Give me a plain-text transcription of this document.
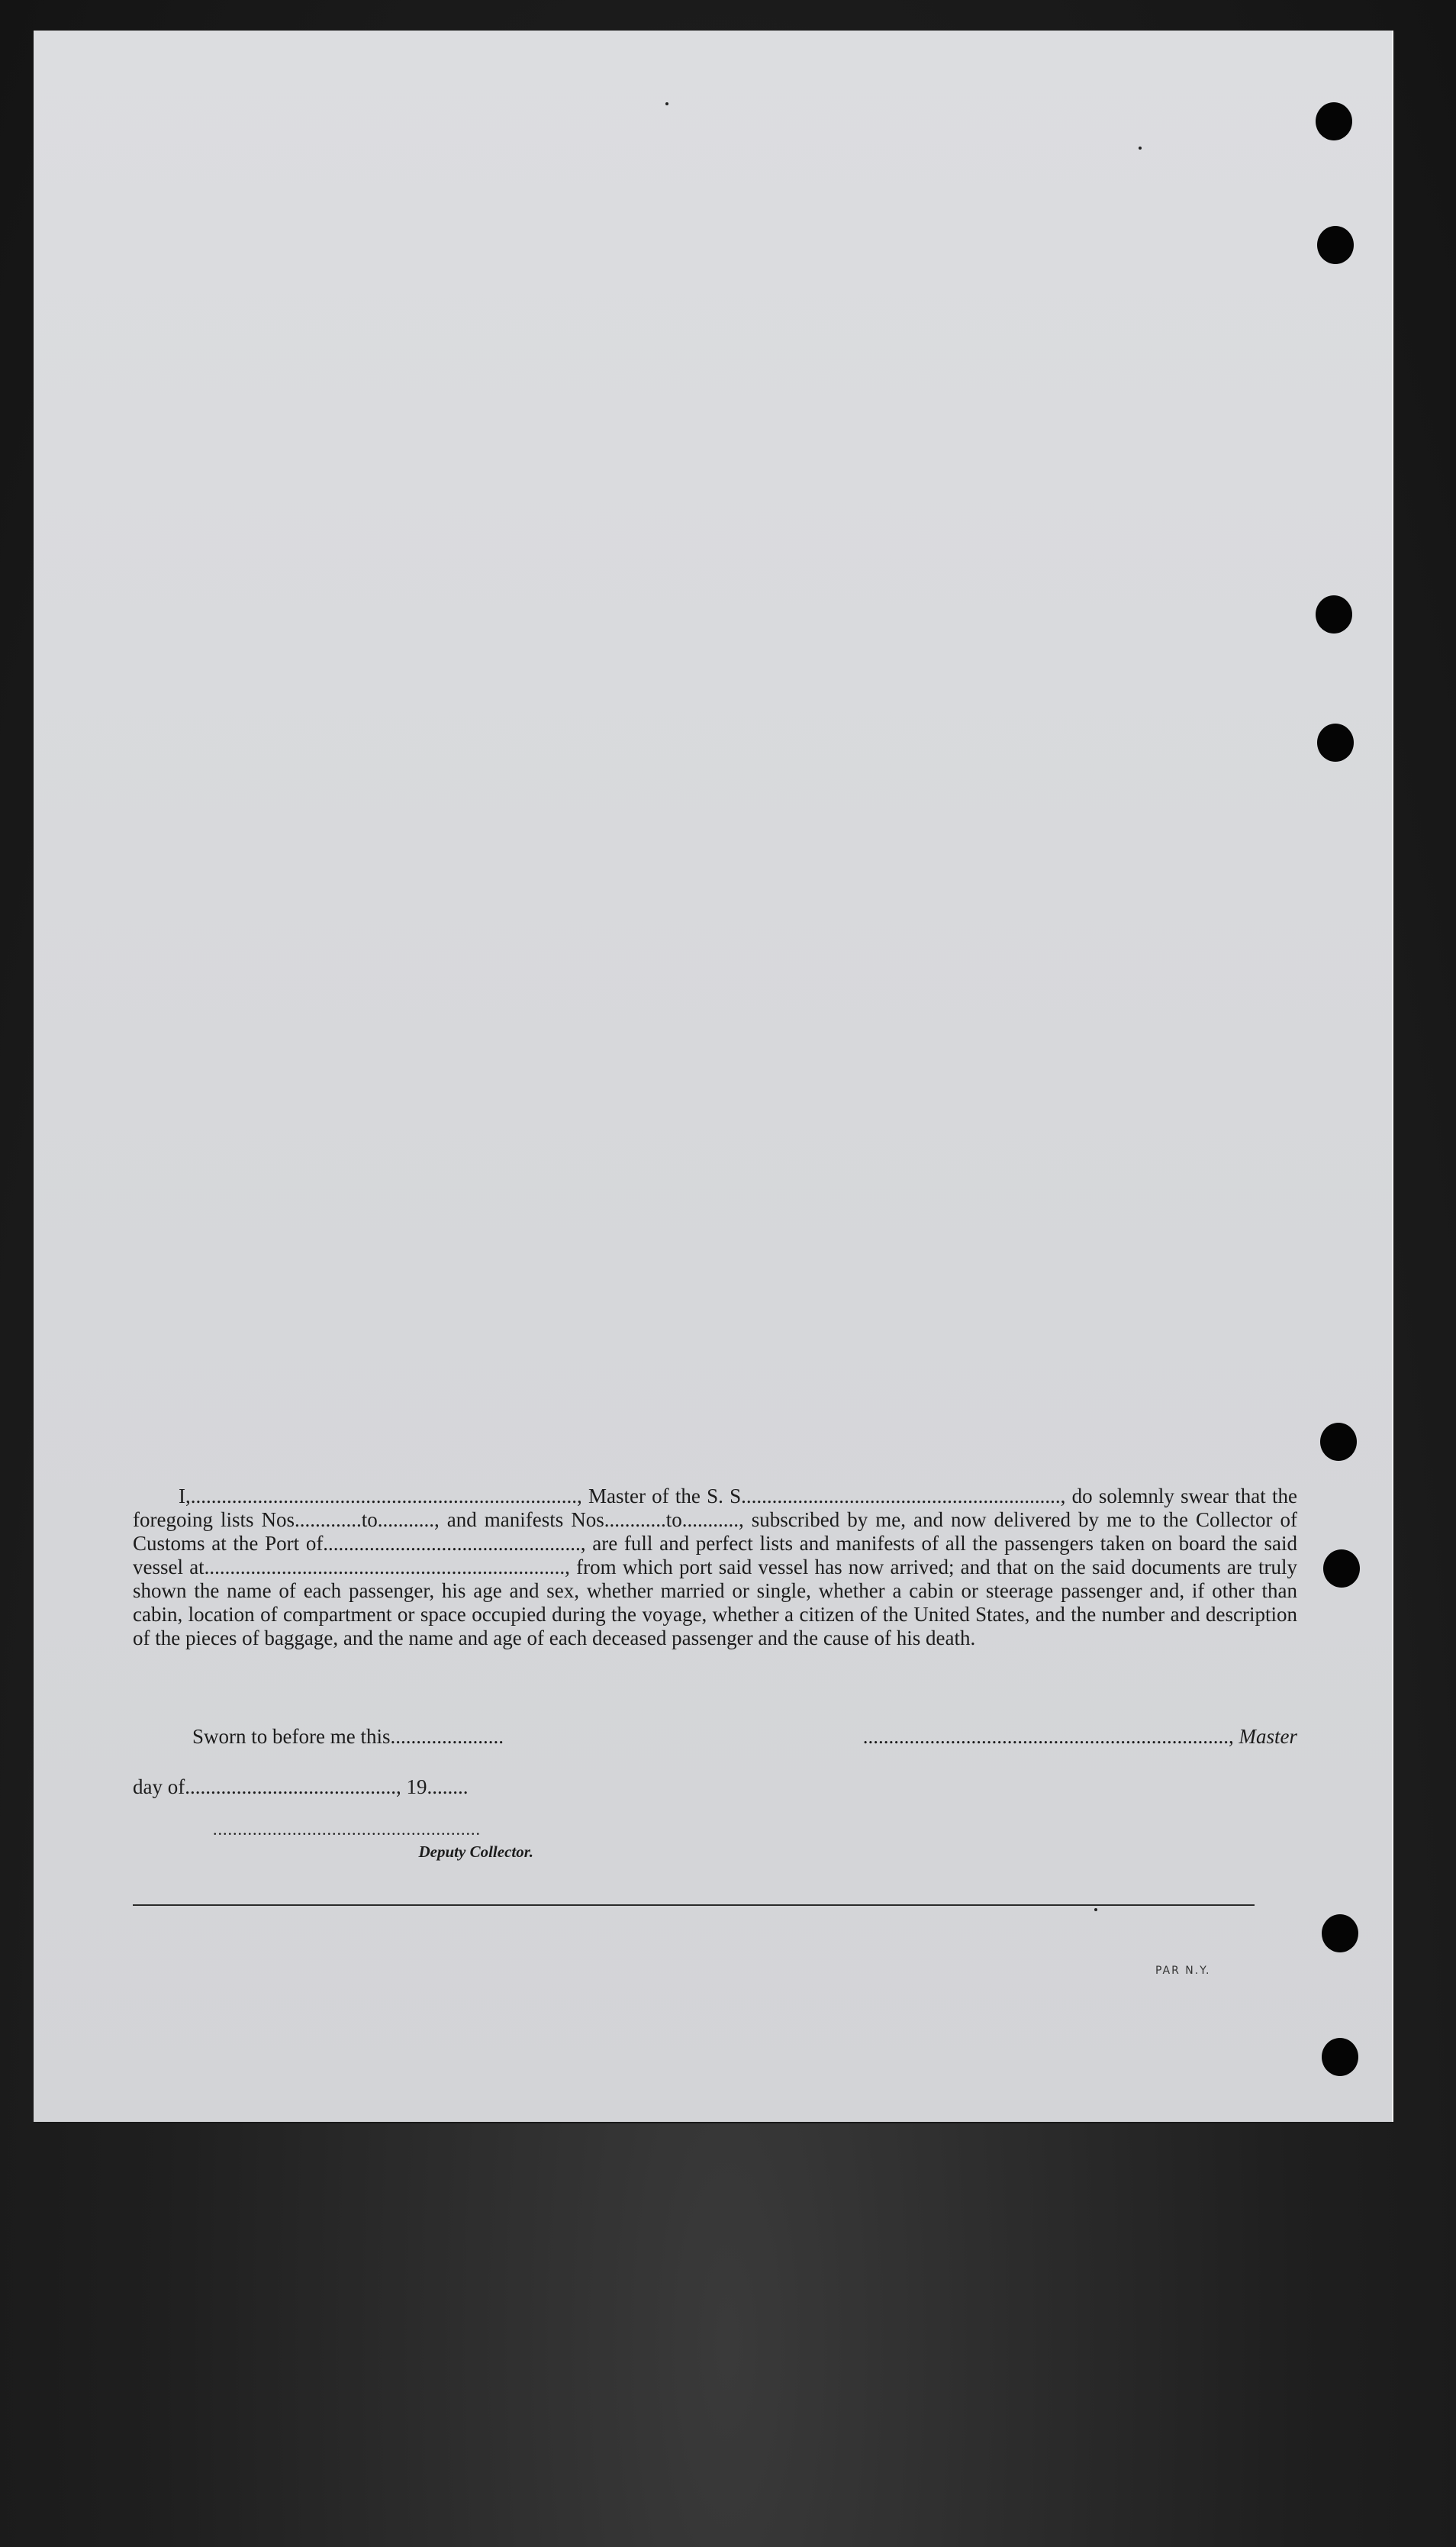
I,..........................................................................., Master of the S. S.............................................................., do solemnly swear that the foregoing lists Nos.............to..........., and manifests Nos............to..........., subscribed by me, and now delivered by me to the Collector of Customs at the Port of.................................................., are full and perfect lists and manifests of all the passengers taken on board the said vessel at......................................................................, from which port said vessel has now arrived; and that on the said documents are truly shown the name of each passenger, his age and sex, whether married or single, whether a cabin or steerage passenger and, if other than cabin, location of compartment or space occupied during the voyage, whether a citizen of the United States, and the number and description of the pieces of baggage, and the name and age of each deceased passenger and the cause of his death.
Sworn to before me this......................	......................................................................., Master
day of........................................., 19........
......................................................
Deputy Collector.
PAR N.Y.
